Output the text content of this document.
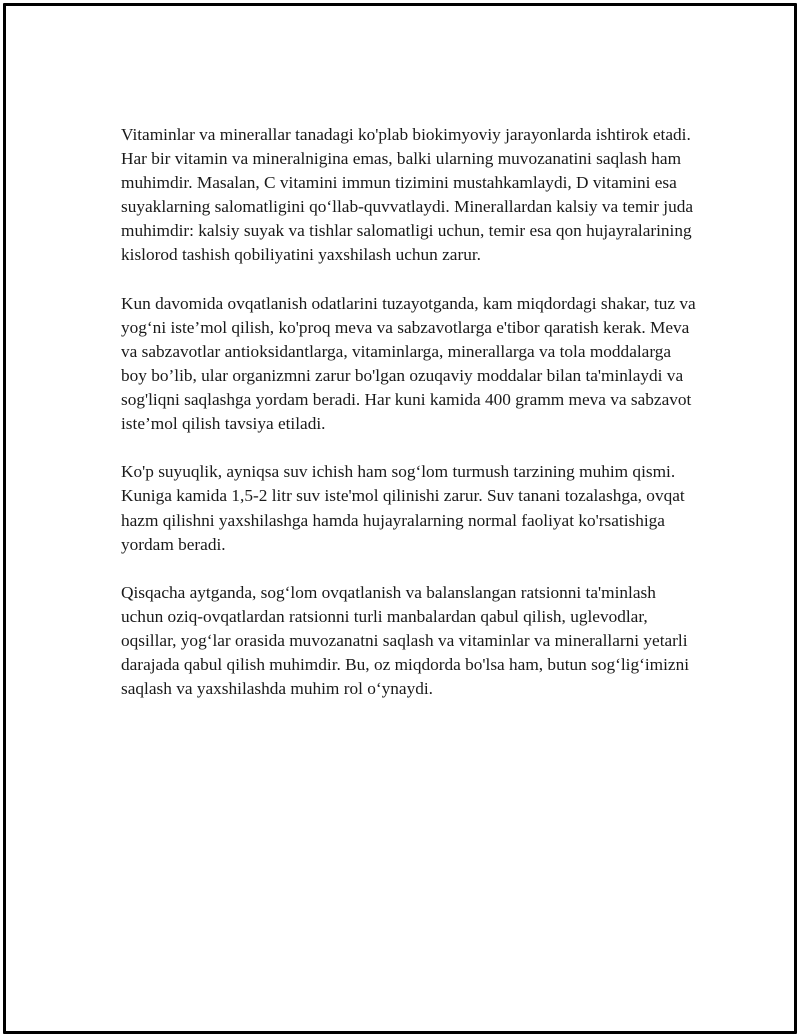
Vitaminlar va minerallar tanadagi ko'plab biokimyoviy jarayonlarda ishtirok etadi. Har bir vitamin va mineralnigina emas, balki ularning muvozanatini saqlash ham muhimdir. Masalan, C vitamini immun tizimini mustahkamlaydi, D vitamini esa suyaklarning salomatligini qo‘llab-quvvatlaydi. Minerallardan kalsiy va temir juda muhimdir: kalsiy suyak va tishlar salomatligi uchun, temir esa qon hujayralarining kislorod tashish qobiliyatini yaxshilash uchun zarur.

Kun davomida ovqatlanish odatlarini tuzayotganda, kam miqdordagi shakar, tuz va yog‘ni iste’mol qilish, ko'proq meva va sabzavotlarga e'tibor qaratish kerak. Meva va sabzavotlar antioksidantlarga, vitaminlarga, minerallarga va tola moddalarga boy bo’lib, ular organizmni zarur bo'lgan ozuqaviy moddalar bilan ta'minlaydi va sog'liqni saqlashga yordam beradi. Har kuni kamida 400 gramm meva va sabzavot iste’mol qilish tavsiya etiladi.

Ko'p suyuqlik, ayniqsa suv ichish ham sog‘lom turmush tarzining muhim qismi. Kuniga kamida 1,5-2 litr suv iste'mol qilinishi zarur. Suv tanani tozalashga, ovqat hazm qilishni yaxshilashga hamda hujayralarning normal faoliyat ko'rsatishiga yordam beradi.

Qisqacha aytganda, sog‘lom ovqatlanish va balanslangan ratsionni ta'minlash uchun oziq-ovqatlardan ratsionni turli manbalardan qabul qilish, uglevodlar, oqsillar, yog‘lar orasida muvozanatni saqlash va vitaminlar va minerallarni yetarli darajada qabul qilish muhimdir. Bu, oz miqdorda bo'lsa ham, butun sog‘lig‘imizni saqlash va yaxshilashda muhim rol o‘ynaydi.
